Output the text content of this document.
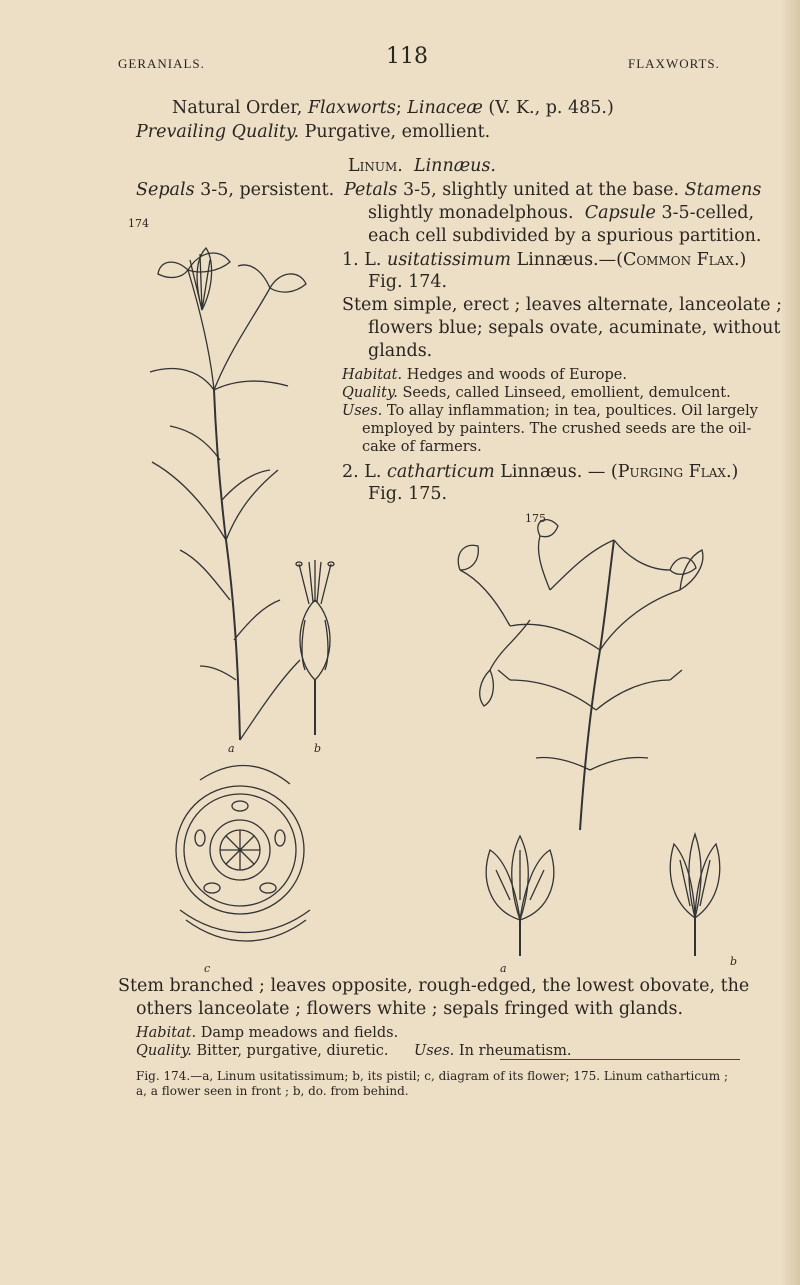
GERANIALS.	118	FLAXWORTS.
Natural Order, Flaxworts; Linaceæ (V. K., p. 485.)
Prevailing Quality. Purgative, emollient.
Linum. Linnæus.
Sepals 3-5, persistent. Petals 3-5, slightly united at the base. Stamens
slightly monadelphous. Capsule 3-5-celled,
each cell subdivided by a spurious partition.
1. L. usitatissimum Linnæus.—(Common Flax.)
Fig. 174.
Stem simple, erect ; leaves alternate, lanceolate ;
flowers blue; sepals ovate, acuminate, without
glands.
Habitat. Hedges and woods of Europe.
Quality. Seeds, called Linseed, emollient, demulcent.
Uses. To allay inflammation; in tea, poultices. Oil largely
employed by painters. The crushed seeds are the oil-
cake of farmers.
2. L. catharticum Linnæus. — (Purging Flax.)
Fig. 175.
174
175
a	b
c	a
b
Stem branched ; leaves opposite, rough-edged, the lowest obovate, the
others lanceolate ; flowers white ; sepals fringed with glands.
Habitat. Damp meadows and fields.
Quality. Bitter, purgative, diuretic. Uses. In rheumatism.
Fig. 174.—a, Linum usitatissimum; b, its pistil; c, diagram of its flower; 175. Linum catharticum ;
a, a flower seen in front ; b, do. from behind.
